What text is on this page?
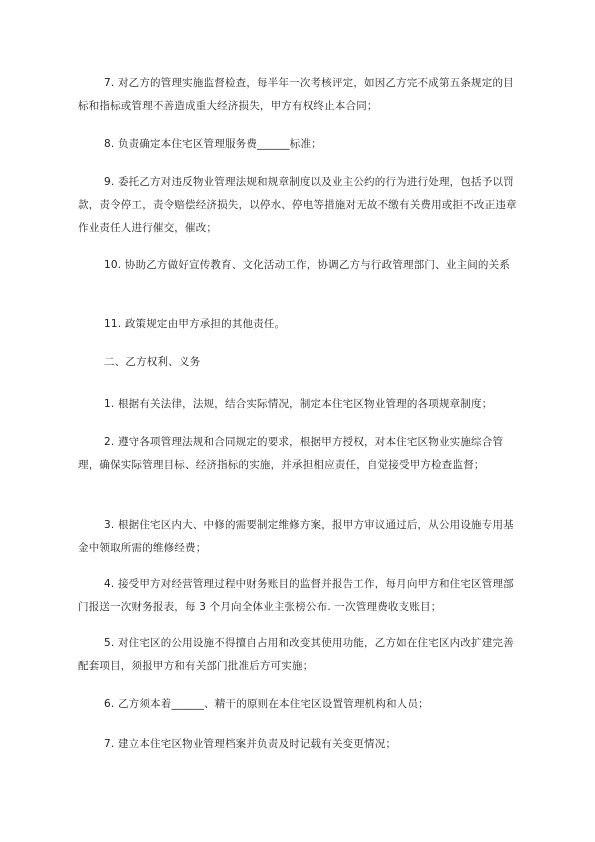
7. 对乙方的管理实施监督检查，每半年一次考核评定，如因乙方完不成第五条规定的目标和指标或管理不善造成重大经济损失，甲方有权终止本合同；

8. 负责确定本住宅区管理服务费______标准；

9. 委托乙方对违反物业管理法规和规章制度以及业主公约的行为进行处理，包括予以罚款，责令停工，责令赔偿经济损失，以停水、停电等措施对无故不缴有关费用或拒不改正违章作业责任人进行催交，催改；

10. 协助乙方做好宣传教育、文化活动工作，协调乙方与行政管理部门、业主间的关系

11. 政策规定由甲方承担的其他责任。

二、乙方权利、义务

1. 根据有关法律，法规，结合实际情况，制定本住宅区物业管理的各项规章制度；

2. 遵守各项管理法规和合同规定的要求，根据甲方授权，对本住宅区物业实施综合管理，确保实际管理目标、经济指标的实施，并承担相应责任，自觉接受甲方检查监督；

3. 根据住宅区内大、中修的需要制定维修方案，报甲方审议通过后，从公用设施专用基金中领取所需的维修经费；

4. 接受甲方对经营管理过程中财务账目的监督并报告工作，每月向甲方和住宅区管理部门报送一次财务报表，每 3 个月向全体业主张榜公布. 一次管理费收支账目；

5. 对住宅区的公用设施不得擅自占用和改变其使用功能，乙方如在住宅区内改扩建完善配套项目，须报甲方和有关部门批准后方可实施；

6. 乙方须本着______、精干的原则在本住宅区设置管理机构和人员；

7. 建立本住宅区物业管理档案并负责及时记载有关变更情况；
